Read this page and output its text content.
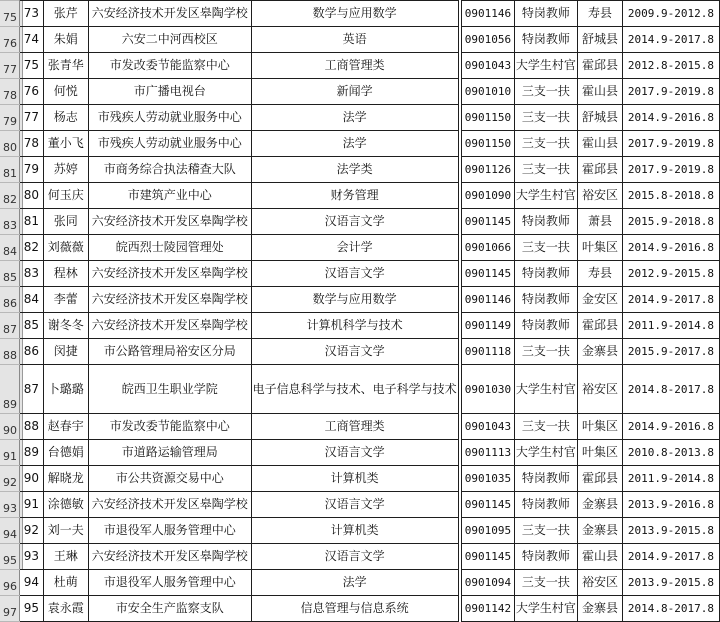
75	73	张芹	六安经济技术开发区皋陶学校	数学与应用数学		0901146	特岗教师	寿县	2009.9-2012.8
76	74	朱娟	六安二中河西校区	英语		0901056	特岗教师	舒城县	2014.9-2017.8
77	75	张青华	市发改委节能监察中心	工商管理类		0901043	大学生村官	霍邱县	2012.8-2015.8
78	76	何悦	市广播电视台	新闻学		0901010	三支一扶	霍山县	2017.9-2019.8
79	77	杨志	市残疾人劳动就业服务中心	法学		0901150	三支一扶	舒城县	2014.9-2016.8
80	78	董小飞	市残疾人劳动就业服务中心	法学		0901150	三支一扶	霍山县	2017.9-2019.8
81	79	苏婷	市商务综合执法稽查大队	法学类		0901126	三支一扶	霍邱县	2017.9-2019.8
82	80	何玉庆	市建筑产业中心	财务管理		0901090	大学生村官	裕安区	2015.8-2018.8
83	81	张同	六安经济技术开发区皋陶学校	汉语言文学		0901145	特岗教师	萧县	2015.9-2018.8
84	82	刘薇薇	皖西烈士陵园管理处	会计学		0901066	三支一扶	叶集区	2014.9-2016.8
85	83	程林	六安经济技术开发区皋陶学校	汉语言文学		0901145	特岗教师	寿县	2012.9-2015.8
86	84	李蕾	六安经济技术开发区皋陶学校	数学与应用数学		0901146	特岗教师	金安区	2014.9-2017.8
87	85	谢冬冬	六安经济技术开发区皋陶学校	计算机科学与技术		0901149	特岗教师	霍邱县	2011.9-2014.8
88	86	闵捷	市公路管理局裕安区分局	汉语言文学		0901118	三支一扶	金寨县	2015.9-2017.8
89	87	卜璐璐	皖西卫生职业学院	电子信息科学与技术、电子科学与技术		0901030	大学生村官	裕安区	2014.8-2017.8
90	88	赵春宇	市发改委节能监察中心	工商管理类		0901043	三支一扶	叶集区	2014.9-2016.8
91	89	台德娟	市道路运输管理局	汉语言文学		0901113	大学生村官	叶集区	2010.8-2013.8
92	90	解晓龙	市公共资源交易中心	计算机类		0901035	特岗教师	霍邱县	2011.9-2014.8
93	91	涂德敏	六安经济技术开发区皋陶学校	汉语言文学		0901145	特岗教师	金寨县	2013.9-2016.8
94	92	刘一夫	市退役军人服务管理中心	计算机类		0901095	三支一扶	金寨县	2013.9-2015.8
95	93	王琳	六安经济技术开发区皋陶学校	汉语言文学		0901145	特岗教师	霍山县	2014.9-2017.8
96	94	杜萌	市退役军人服务管理中心	法学		0901094	三支一扶	裕安区	2013.9-2015.8
97	95	袁永霞	市安全生产监察支队	信息管理与信息系统		0901142	大学生村官	金寨县	2014.8-2017.8
